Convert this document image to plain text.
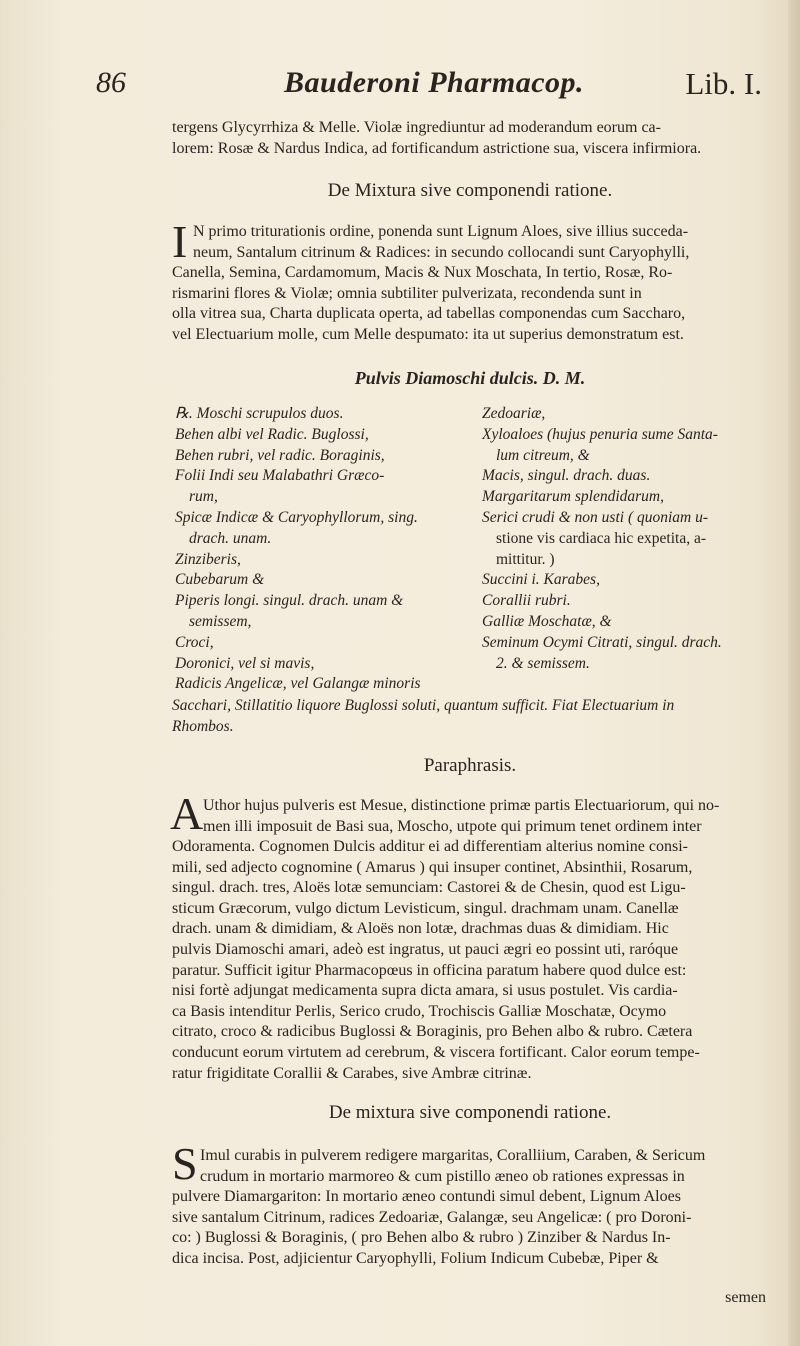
86	Bauderoni Pharmacop.	Lib. I.
tergens Glycyrrhiza & Melle. Violæ ingrediuntur ad moderandum eorum ca-
lorem: Rosæ & Nardus Indica, ad fortificandum astrictione sua, viscera infirmiora.
De Mixtura sive componendi ratione.
I N primo triturationis ordine, ponenda sunt Lignum Aloes, sive illius succeda-
neum, Santalum citrinum & Radices: in secundo collocandi sunt Caryophylli,
Canella, Semina, Cardamomum, Macis & Nux Moschata, In tertio, Rosæ, Ro-
rismarini flores & Violæ; omnia subtiliter pulverizata, recondenda sunt in
olla vitrea sua, Charta duplicata operta, ad tabellas componendas cum Saccharo,
vel Electuarium molle, cum Melle despumato: ita ut superius demonstratum est.
Pulvis Diamoschi dulcis. D. M.
℞. Moschi scrupulos duos.
Behen albi vel Radic. Buglossi,
Behen rubri, vel radic. Boraginis,
Folii Indi seu Malabathri Græco-
rum,
Spicæ Indicæ & Caryophyllorum, sing.
drach. unam.
Zinziberis,
Cubebarum &
Piperis longi. singul. drach. unam &
semissem,
Croci,
Doronici, vel si mavis,
Radicis Angelicæ, vel Galangæ minoris
Zedoariæ,
Xyloaloes (hujus penuria sume Santa-
lum citreum, &
Macis, singul. drach. duas.
Margaritarum splendidarum,
Serici crudi & non usti ( quoniam u-
stione vis cardiaca hic expetita, a-
mittitur. )
Succini i. Karabes,
Corallii rubri.
Galliæ Moschatæ, &
Seminum Ocymi Citrati, singul. drach.
2. & semissem.
Sacchari, Stillatitio liquore Buglossi soluti, quantum sufficit. Fiat Electuarium in
Rhombos.
Paraphrasis.
A Uthor hujus pulveris est Mesue, distinctione primæ partis Electuariorum, qui no-
men illi imposuit de Basi sua, Moscho, utpote qui primum tenet ordinem inter
Odoramenta. Cognomen Dulcis additur ei ad differentiam alterius nomine consi-
mili, sed adjecto cognomine ( Amarus ) qui insuper continet, Absinthii, Rosarum,
singul. drach. tres, Aloës lotæ semunciam: Castorei & de Chesin, quod est Ligu-
sticum Græcorum, vulgo dictum Levisticum, singul. drachmam unam. Canellæ
drach. unam & dimidiam, & Aloës non lotæ, drachmas duas & dimidiam. Hic
pulvis Diamoschi amari, adeò est ingratus, ut pauci ægri eo possint uti, raróque
paratur. Sufficit igitur Pharmacopœus in officina paratum habere quod dulce est:
nisi fortè adjungat medicamenta supra dicta amara, si usus postulet. Vis cardia-
ca Basis intenditur Perlis, Serico crudo, Trochiscis Galliæ Moschatæ, Ocymo
citrato, croco & radicibus Buglossi & Boraginis, pro Behen albo & rubro. Cætera
conducunt eorum virtutem ad cerebrum, & viscera fortificant. Calor eorum tempe-
ratur frigiditate Corallii & Carabes, sive Ambræ citrinæ.
De mixtura sive componendi ratione.
S Imul curabis in pulverem redigere margaritas, Coralliium, Caraben, & Sericum
crudum in mortario marmoreo & cum pistillo æneo ob rationes expressas in
pulvere Diamargariton: In mortario æneo contundi simul debent, Lignum Aloes
sive santalum Citrinum, radices Zedoariæ, Galangæ, seu Angelicæ: ( pro Doroni-
co: ) Buglossi & Boraginis, ( pro Behen albo & rubro ) Zinziber & Nardus In-
dica incisa. Post, adjicientur Caryophylli, Folium Indicum Cubebæ, Piper &
semen
